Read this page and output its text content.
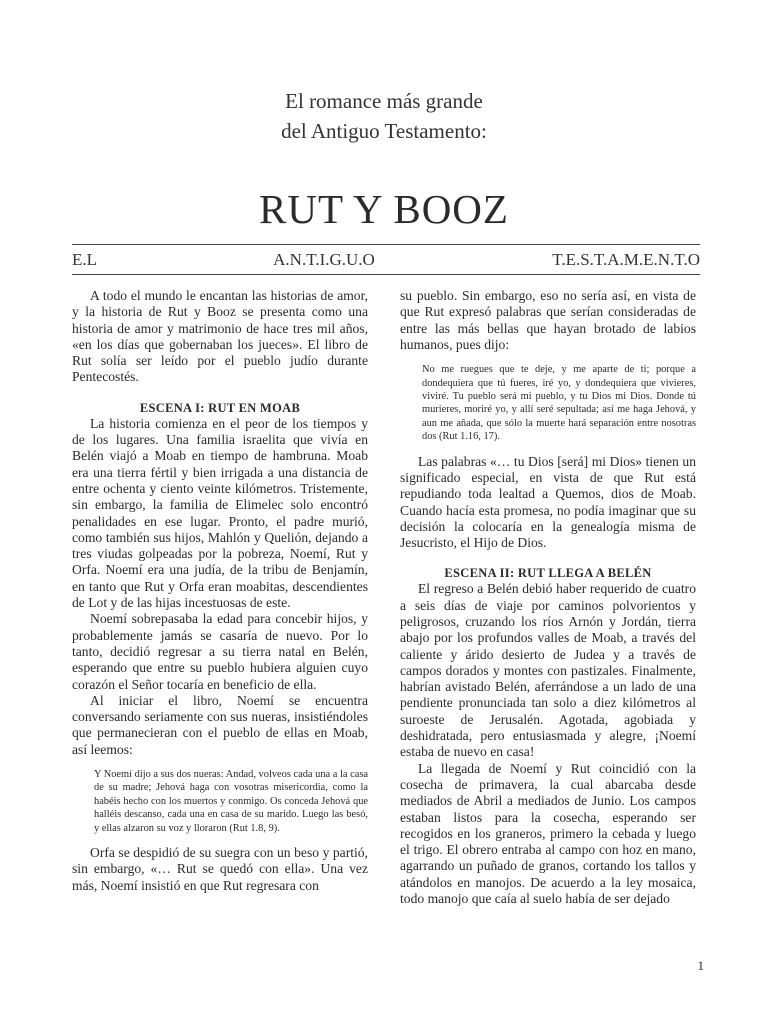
El romance más grande
del Antiguo Testamento:
RUT Y BOOZ
E.L A.N.T.I.G.U.O T.E.S.T.A.M.E.N.T.O

A todo el mundo le encantan las historias de amor, y la historia de Rut y Booz se presenta como una historia de amor y matrimonio de hace tres mil años, «en los días que gobernaban los jueces». El libro de Rut solía ser leído por el pueblo judío durante Pentecostés.

ESCENA I: RUT EN MOAB

La historia comienza en el peor de los tiempos y de los lugares. Una familia israelita que vivía en Belén viajó a Moab en tiempo de hambruna. Moab era una tierra fértil y bien irrigada a una distancia de entre ochenta y ciento veinte kilómetros. Tristemente, sin embargo, la familia de Elimelec solo encontró penalidades en ese lugar. Pronto, el padre murió, como también sus hijos, Mahlón y Quelión, dejando a tres viudas golpeadas por la pobreza, Noemí, Rut y Orfa. Noemí era una judía, de la tribu de Benjamín, en tanto que Rut y Orfa eran moabitas, descendientes de Lot y de las hijas incestuosas de este.

Noemí sobrepasaba la edad para concebir hijos, y probablemente jamás se casaría de nuevo. Por lo tanto, decidió regresar a su tierra natal en Belén, esperando que entre su pueblo hubiera alguien cuyo corazón el Señor tocaría en beneficio de ella.

Al iniciar el libro, Noemí se encuentra conversando seriamente con sus nueras, insistiéndoles que permanecieran con el pueblo de ellas en Moab, así leemos:

Y Noemí dijo a sus dos nueras: Andad, volveos cada una a la casa de su madre; Jehová haga con vosotras misericordia, como la habéis hecho con los muertos y conmigo. Os conceda Jehová que halléis descanso, cada una en casa de su marido. Luego las besó, y ellas alzaron su voz y lloraron (Rut 1.8, 9).

Orfa se despidió de su suegra con un beso y partió, sin embargo, «… Rut se quedó con ella». Una vez más, Noemí insistió en que Rut regresara con

su pueblo. Sin embargo, eso no sería así, en vista de que Rut expresó palabras que serían consideradas de entre las más bellas que hayan brotado de labios humanos, pues dijo:

No me ruegues que te deje, y me aparte de ti; porque a dondequiera que tú fueres, iré yo, y dondequiera que vivieres, viviré. Tu pueblo será mi pueblo, y tu Dios mi Dios. Donde tú murieres, moriré yo, y allí seré sepultada; así me haga Jehová, y aun me añada, que sólo la muerte hará separación entre nosotras dos (Rut 1.16, 17).

Las palabras «… tu Dios [será] mi Dios» tienen un significado especial, en vista de que Rut está repudiando toda lealtad a Quemos, dios de Moab. Cuando hacía esta promesa, no podía imaginar que su decisión la colocaría en la genealogía misma de Jesucristo, el Hijo de Dios.

ESCENA II: RUT LLEGA A BELÉN

El regreso a Belén debió haber requerido de cuatro a seis días de viaje por caminos polvorientos y peligrosos, cruzando los ríos Arnón y Jordán, tierra abajo por los profundos valles de Moab, a través del caliente y árido desierto de Judea y a través de campos dorados y montes con pastizales. Finalmente, habrían avistado Belén, aferrándose a un lado de una pendiente pronunciada tan solo a diez kilómetros al suroeste de Jerusalén. Agotada, agobiada y deshidratada, pero entusiasmada y alegre, ¡Noemí estaba de nuevo en casa!

La llegada de Noemí y Rut coincidió con la cosecha de primavera, la cual abarcaba desde mediados de Abril a mediados de Junio. Los campos estaban listos para la cosecha, esperando ser recogidos en los graneros, primero la cebada y luego el trigo. El obrero entraba al campo con hoz en mano, agarrando un puñado de granos, cortando los tallos y atándolos en manojos. De acuerdo a la ley mosaica, todo manojo que caía al suelo había de ser dejado

1
